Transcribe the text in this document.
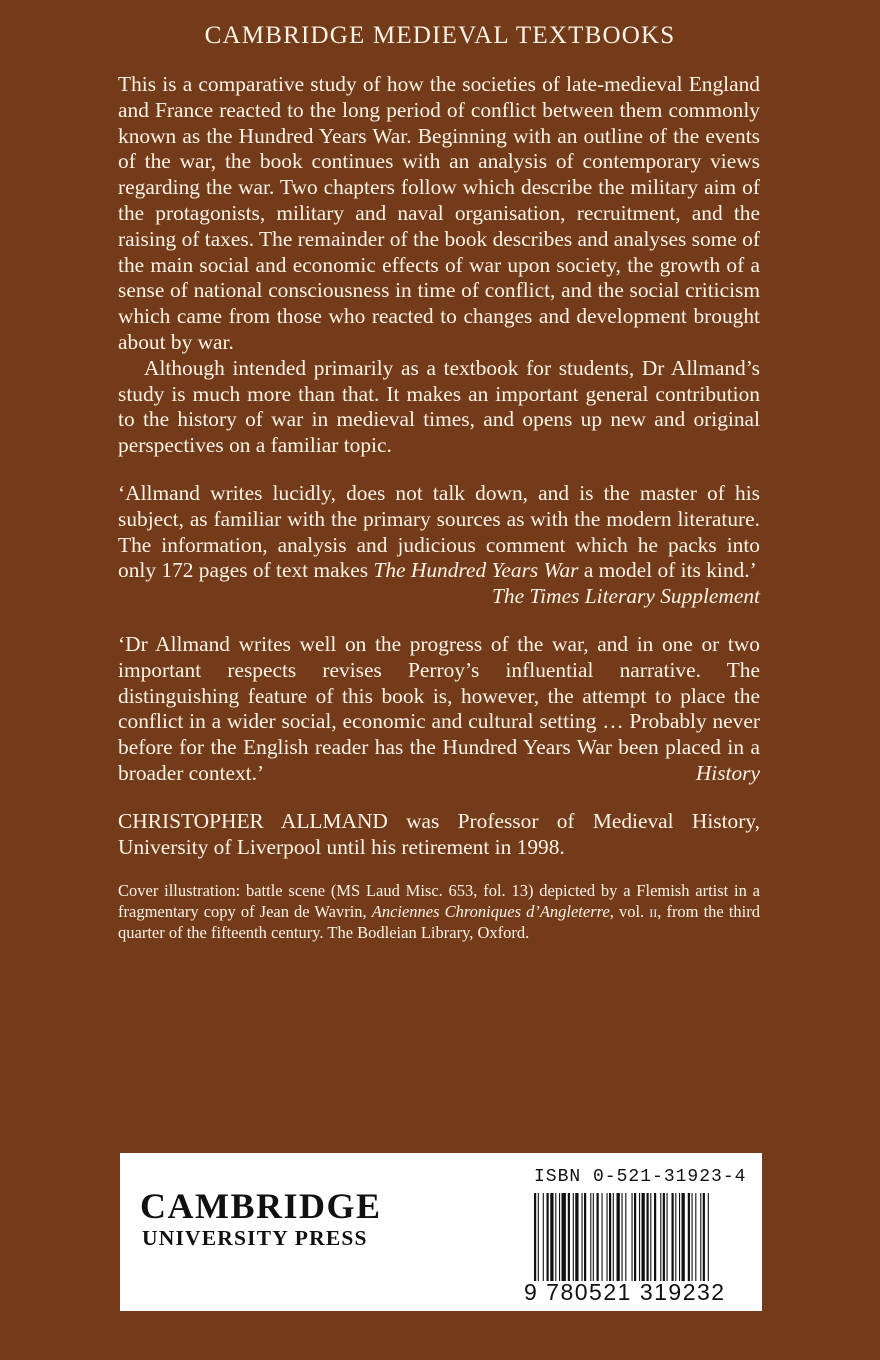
CAMBRIDGE MEDIEVAL TEXTBOOKS

This is a comparative study of how the societies of late-medieval England and France reacted to the long period of conflict between them commonly known as the Hundred Years War. Beginning with an outline of the events of the war, the book continues with an analysis of contemporary views regarding the war. Two chapters follow which describe the military aim of the protagonists, military and naval organisation, recruitment, and the raising of taxes. The remainder of the book describes and analyses some of the main social and economic effects of war upon society, the growth of a sense of national consciousness in time of conflict, and the social criticism which came from those who reacted to changes and development brought about by war.

Although intended primarily as a textbook for students, Dr Allmand’s study is much more than that. It makes an important general contribution to the history of war in medieval times, and opens up new and original perspectives on a familiar topic.

‘Allmand writes lucidly, does not talk down, and is the master of his subject, as familiar with the primary sources as with the modern literature. The information, analysis and judicious comment which he packs into only 172 pages of text makes The Hundred Years War a model of its kind.’

The Times Literary Supplement

‘Dr Allmand writes well on the progress of the war, and in one or two important respects revises Perroy’s influential narrative. The distinguishing feature of this book is, however, the attempt to place the conflict in a wider social, economic and cultural setting … Probably never before for the English reader has the Hundred Years War been placed in a broader context.’	History

CHRISTOPHER ALLMAND was Professor of Medieval History, University of Liverpool until his retirement in 1998.

Cover illustration: battle scene (MS Laud Misc. 653, fol. 13) depicted by a Flemish artist in a fragmentary copy of Jean de Wavrin, Anciennes Chroniques d’Angleterre, vol. ii, from the third quarter of the fifteenth century. The Bodleian Library, Oxford.

CAMBRIDGE
UNIVERSITY PRESS
ISBN 0-521-31923-4
9 780521 319232
